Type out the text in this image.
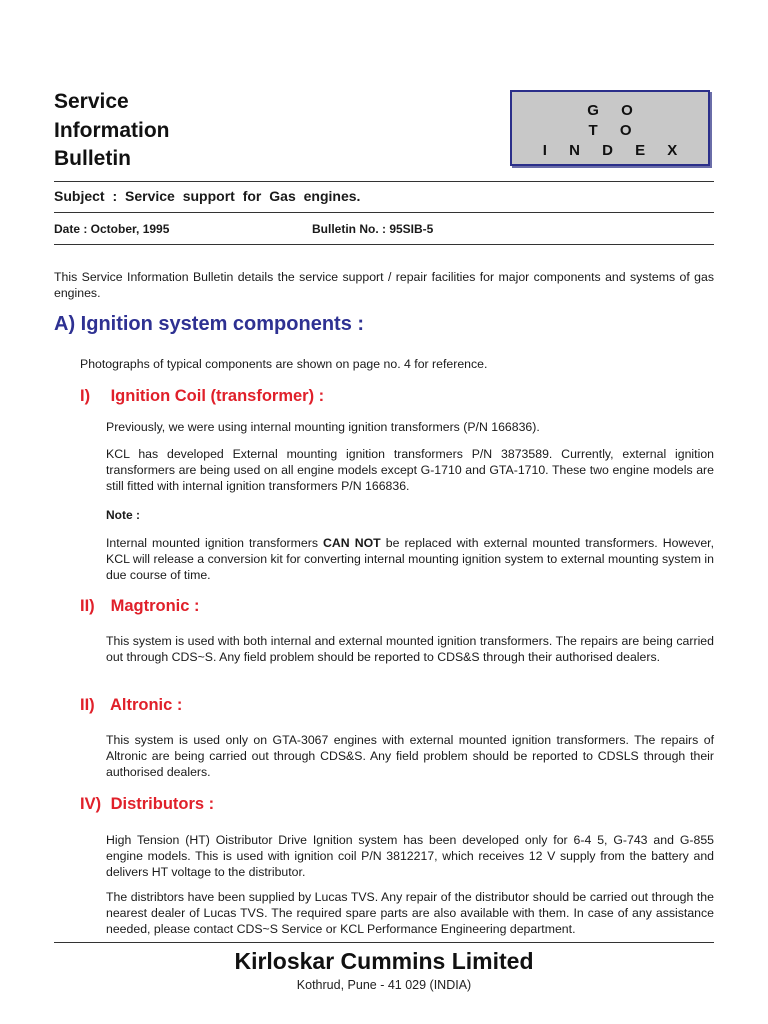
Service
Information
Bulletin
G O
T O
I N D E X
Subject : Service support for Gas engines.
Date : October, 1995	Bulletin No. : 95SIB-5
This Service Information Bulletin details the service support / repair facilities for major components and systems of gas engines.
A) Ignition system components :
Photographs of typical components are shown on page no. 4 for reference.
I) Ignition Coil (transformer) :
Previously, we were using internal mounting ignition transformers (P/N 166836).
KCL has developed External mounting ignition transformers P/N 3873589. Currently, external ignition transformers are being used on all engine models except G-1710 and GTA-1710. These two engine models are still fitted with internal ignition transformers P/N 166836.
Note :
Internal mounted ignition transformers CAN NOT be replaced with external mounted transformers. However, KCL will release a conversion kit for converting internal mounting ignition system to external mounting system in due course of time.
II) Magtronic :
This system is used with both internal and external mounted ignition transformers. The repairs are being carried out through CDS~S. Any field problem should be reported to CDS&S through their authorised dealers.
II) Altronic :
This system is used only on GTA-3067 engines with external mounted ignition transformers. The repairs of Altronic are being carried out through CDS&S. Any field problem should be reported to CDSLS through their authorised dealers.
IV) Distributors :
High Tension (HT) Oistributor Drive Ignition system has been developed only for 6-4 5, G-743 and G-855 engine models. This is used with ignition coil P/N 3812217, which receives 12 V supply from the battery and delivers HT voltage to the distributor.
The distribtors have been supplied by Lucas TVS. Any repair of the distributor should be carried out through the nearest dealer of Lucas TVS. The required spare parts are also available with them. In case of any assistance needed, please contact CDS~S Service or KCL Performance Engineering department.
Kirloskar Cummins Limited
Kothrud, Pune - 41 029 (INDIA)
